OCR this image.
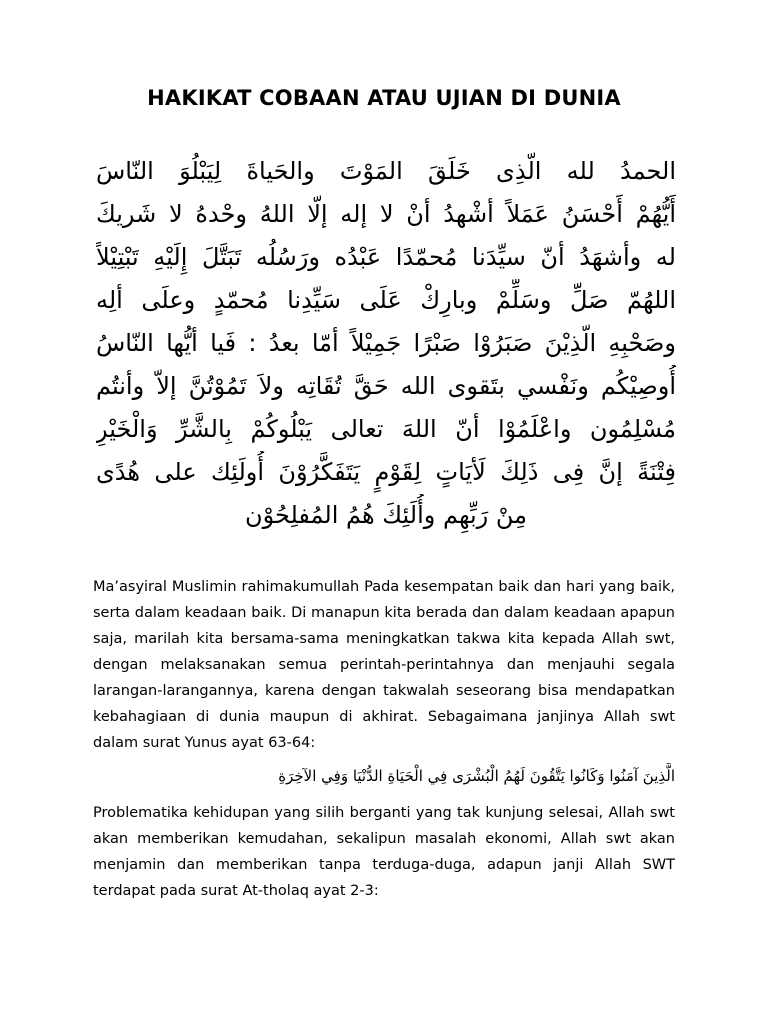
HAKIKAT COBAAN ATAU UJIAN DI DUNIA
الحمدُ لله الّذِى خَلَقَ المَوْتَ والحَياةَ لِيَبْلُوَ النّاسَ
أَيُّهُمْ أَحْسَنُ عَمَلاً أشْهدُ أنْ لا إله إلّا اللهُ وحْدهُ لا شَريكَ
له وأشهَدُ أنّ سيِّدَنا مُحمّدًا عَبْدُه ورَسُلُه تَبَتَّلَ إِلَيْهِ تَبْتِيْلاً
اللهُمّ صَلِّ وسَلِّمْ وبارِكْ عَلَى سَيِّدِنا مُحمّدٍ وعلَى ألِه
وصَحْبِهِ الّذِيْنَ صَبَرُوْا صَبْرًا جَمِيْلاً أمّا بعدُ : فَيا أيُّها النّاسُ
أُوصِيْكُم ونَفْسي بتَقوى الله حَقَّ تُقَاتِه ولاَ تَمُوْتُنَّ إلاّ وأنتُم
مُسْلِمُون واعْلَمُوْا أنّ اللهَ تعالى يَبْلُوكُمْ بِالشَّرِّ وَالْخَيْرِ
فِتْنَةً إنَّ فِى ذَلِكَ لَأيَاتٍ لِقَوْمٍ يَتَفَكَّرُوْنَ أُولَئِك على هُدًى
مِنْ رَبِّهِم وأُلَئِكَ هُمُ المُفلِحُوْن
Ma’asyiral Muslimin rahimakumullah Pada kesempatan baik dan hari yang baik, serta dalam keadaan baik. Di manapun kita berada dan dalam keadaan apapun saja, marilah kita bersama-sama meningkatkan takwa kita kepada Allah swt, dengan melaksanakan semua perintah-perintahnya dan menjauhi segala larangan-larangannya, karena dengan takwalah seseorang bisa mendapatkan kebahagiaan di dunia maupun di akhirat. Sebagaimana janjinya Allah swt dalam surat Yunus ayat 63-64:
الَّذِينَ آمَنُوا وَكَانُوا يَتَّقُونَ لَهُمُ الْبُشْرَى فِي الْحَيَاةِ الدُّنْيَا وَفِي الآخِرَةِ
Problematika kehidupan yang silih berganti yang tak kunjung selesai, Allah swt akan memberikan kemudahan, sekalipun masalah ekonomi, Allah swt akan menjamin dan memberikan tanpa terduga-duga, adapun janji Allah SWT terdapat pada surat At-tholaq ayat 2-3:
